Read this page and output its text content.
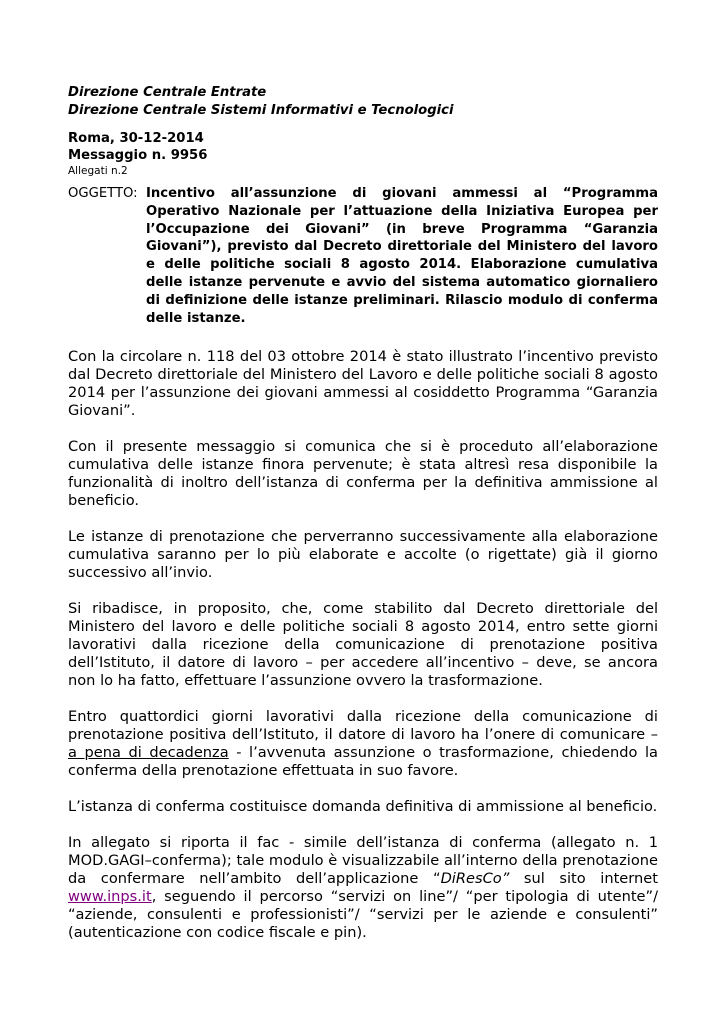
Direzione Centrale Entrate
Direzione Centrale Sistemi Informativi e Tecnologici
Roma, 30-12-2014
Messaggio n. 9956
Allegati n.2
OGGETTO: Incentivo all’assunzione di giovani ammessi al “Programma Operativo Nazionale per l’attuazione della Iniziativa Europea per l’Occupazione dei Giovani” (in breve Programma “Garanzia Giovani”), previsto dal Decreto direttoriale del Ministero del lavoro e delle politiche sociali 8 agosto 2014. Elaborazione cumulativa delle istanze pervenute e avvio del sistema automatico giornaliero di definizione delle istanze preliminari. Rilascio modulo di conferma delle istanze.

Con la circolare n. 118 del 03 ottobre 2014 è stato illustrato l’incentivo previsto dal Decreto direttoriale del Ministero del Lavoro e delle politiche sociali 8 agosto 2014 per l’assunzione dei giovani ammessi al cosiddetto Programma “Garanzia Giovani”.

Con il presente messaggio si comunica che si è proceduto all’elaborazione cumulativa delle istanze finora pervenute; è stata altresì resa disponibile la funzionalità di inoltro dell’istanza di conferma per la definitiva ammissione al beneficio.

Le istanze di prenotazione che perverranno successivamente alla elaborazione cumulativa saranno per lo più elaborate e accolte (o rigettate) già il giorno successivo all’invio.

Si ribadisce, in proposito, che, come stabilito dal Decreto direttoriale del Ministero del lavoro e delle politiche sociali 8 agosto 2014, entro sette giorni lavorativi dalla ricezione della comunicazione di prenotazione positiva dell’Istituto, il datore di lavoro – per accedere all’incentivo – deve, se ancora non lo ha fatto, effettuare l’assunzione ovvero la trasformazione.

Entro quattordici giorni lavorativi dalla ricezione della comunicazione di prenotazione positiva dell’Istituto, il datore di lavoro ha l’onere di comunicare – a pena di decadenza - l’avvenuta assunzione o trasformazione, chiedendo la conferma della prenotazione effettuata in suo favore.

L’istanza di conferma costituisce domanda definitiva di ammissione al beneficio.

In allegato si riporta il fac - simile dell’istanza di conferma (allegato n. 1 MOD.GAGI–conferma); tale modulo è visualizzabile all’interno della prenotazione da confermare nell’ambito dell’applicazione “DiResCo” sul sito internet www.inps.it, seguendo il percorso “servizi on line”/ “per tipologia di utente”/ “aziende, consulenti e professionisti”/ “servizi per le aziende e consulenti” (autenticazione con codice fiscale e pin).
